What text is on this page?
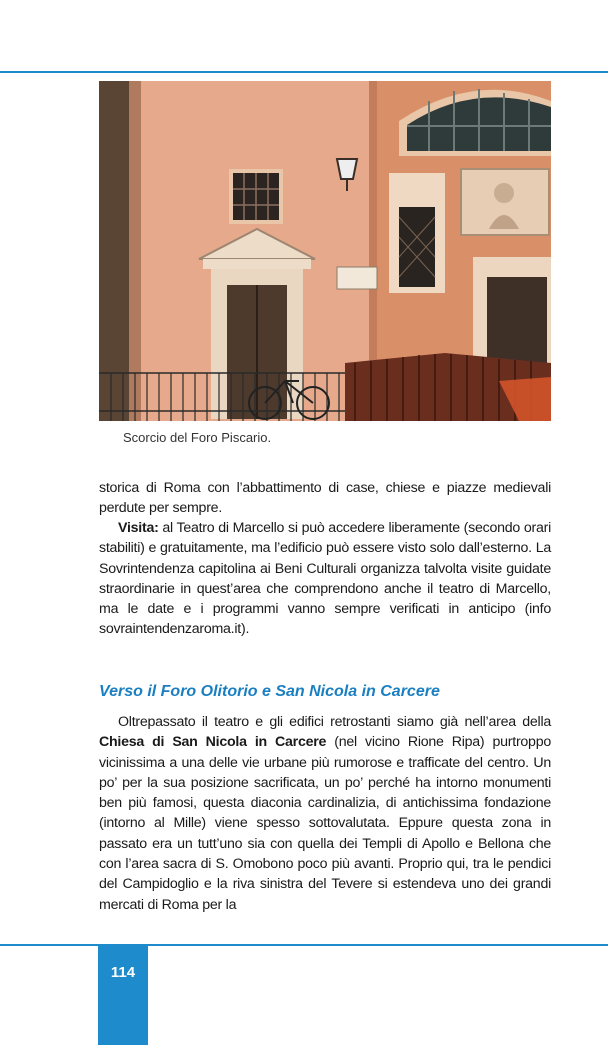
Scorcio del Foro Piscario.
storica di Roma con l’abbattimento di case, chiese e piazze medievali perdute per sempre.
Visita: al Teatro di Marcello si può accedere liberamente (secondo orari stabiliti) e gratuitamente, ma l’edificio può essere visto solo dall’esterno. La Sovrintendenza capitolina ai Beni Culturali organizza talvolta visite guidate straordinarie in quest’area che comprendono anche il teatro di Marcello, ma le date e i programmi vanno sempre verificati in anticipo (info sovraintendenzaroma.it).
Verso il Foro Olitorio e San Nicola in Carcere
Oltrepassato il teatro e gli edifici retrostanti siamo già nell’area della Chiesa di San Nicola in Carcere (nel vicino Rione Ripa) purtroppo vicinissima a una delle vie urbane più rumorose e trafficate del centro. Un po’ per la sua posizione sacrificata, un po’ perché ha intorno monumenti ben più famosi, questa diaconia cardinalizia, di antichissima fondazione (intorno al Mille) viene spesso sottovalutata. Eppure questa zona in passato era un tutt’uno sia con quella dei Templi di Apollo e Bellona che con l’area sacra di S. Omobono poco più avanti. Proprio qui, tra le pendici del Campidoglio e la riva sinistra del Tevere si estendeva uno dei grandi mercati di Roma per la
114
